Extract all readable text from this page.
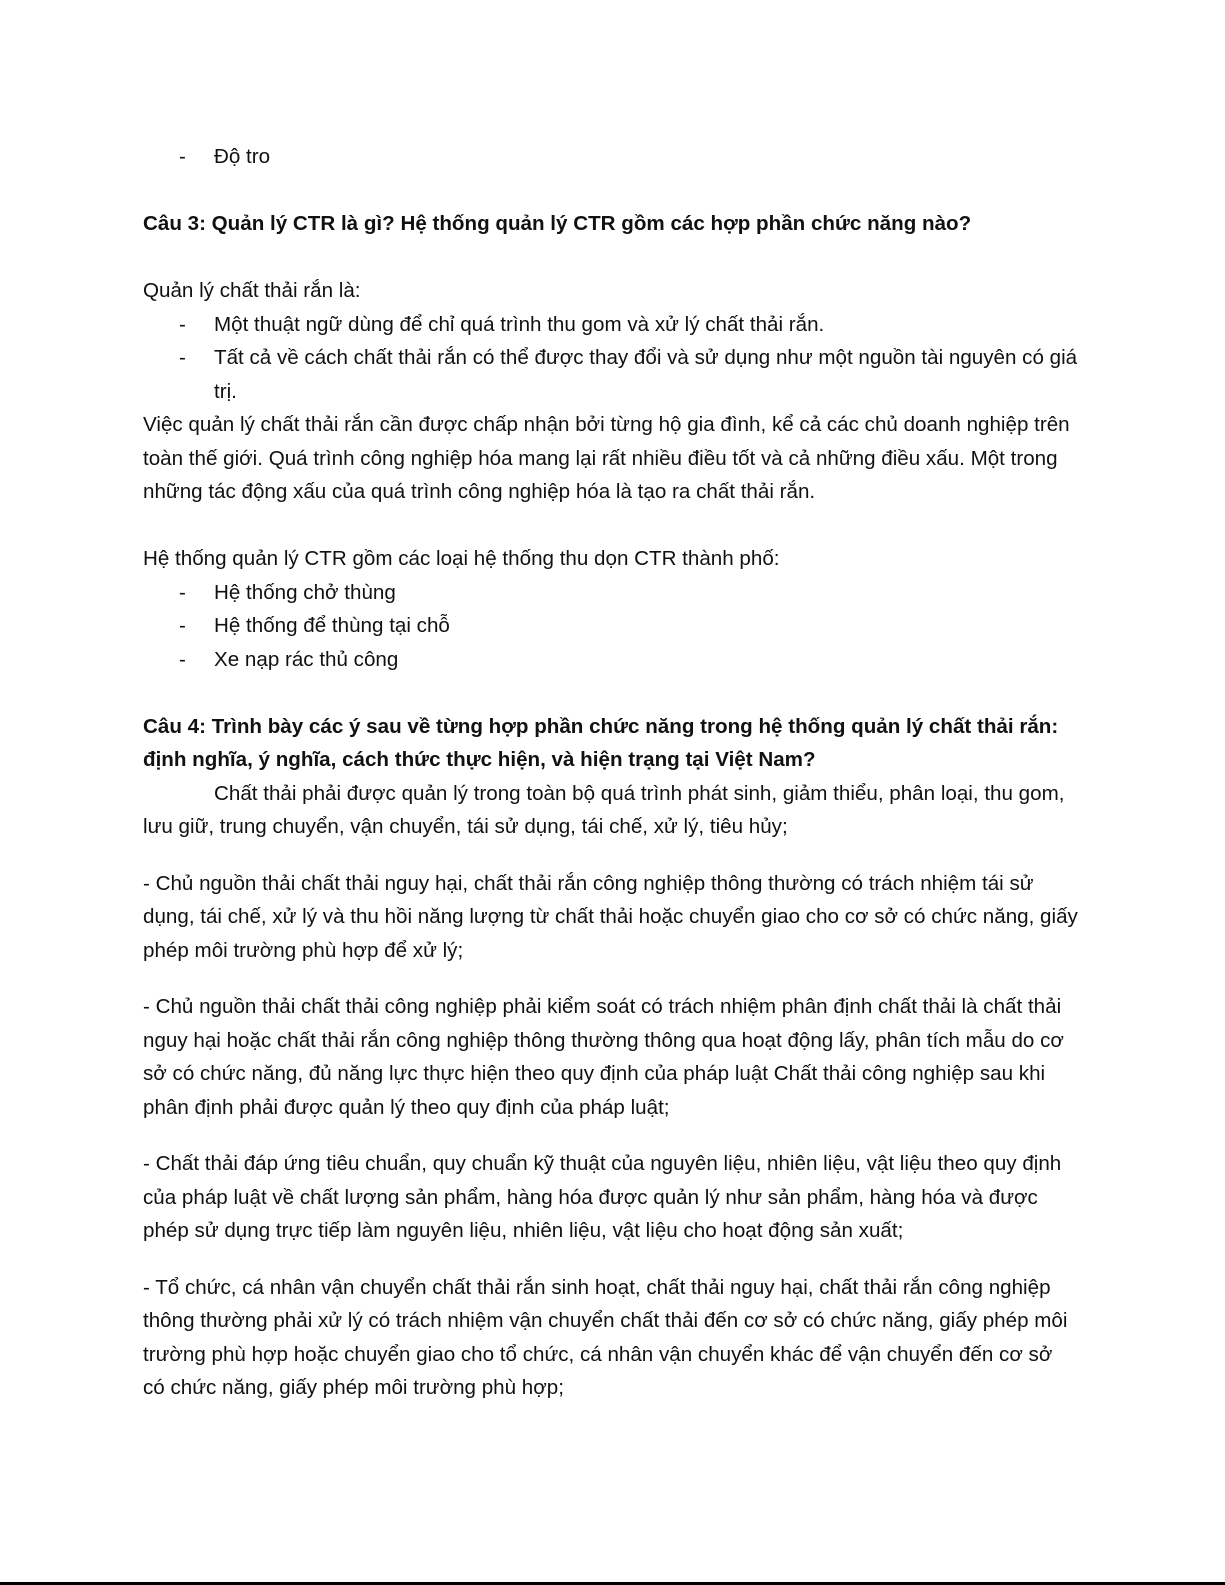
- Độ tro

Câu 3: Quản lý CTR là gì? Hệ thống quản lý CTR gồm các hợp phần chức năng nào?

Quản lý chất thải rắn là:

- Một thuật ngữ dùng để chỉ quá trình thu gom và xử lý chất thải rắn.
- Tất cả về cách chất thải rắn có thể được thay đổi và sử dụng như một nguồn tài nguyên có giá trị.

Việc quản lý chất thải rắn cần được chấp nhận bởi từng hộ gia đình, kể cả các chủ doanh nghiệp trên toàn thế giới. Quá trình công nghiệp hóa mang lại rất nhiều điều tốt và cả những điều xấu. Một trong những tác động xấu của quá trình công nghiệp hóa là tạo ra chất thải rắn.

Hệ thống quản lý CTR gồm các loại hệ thống thu dọn CTR thành phố:

- Hệ thống chở thùng
- Hệ thống để thùng tại chỗ
- Xe nạp rác thủ công

Câu 4: Trình bày các ý sau về từng hợp phần chức năng trong hệ thống quản lý chất thải rắn: định nghĩa, ý nghĩa, cách thức thực hiện, và hiện trạng tại Việt Nam?

Chất thải phải được quản lý trong toàn bộ quá trình phát sinh, giảm thiểu, phân loại, thu gom, lưu giữ, trung chuyển, vận chuyển, tái sử dụng, tái chế, xử lý, tiêu hủy;

- Chủ nguồn thải chất thải nguy hại, chất thải rắn công nghiệp thông thường có trách nhiệm tái sử dụng, tái chế, xử lý và thu hồi năng lượng từ chất thải hoặc chuyển giao cho cơ sở có chức năng, giấy phép môi trường phù hợp để xử lý;

- Chủ nguồn thải chất thải công nghiệp phải kiểm soát có trách nhiệm phân định chất thải là chất thải nguy hại hoặc chất thải rắn công nghiệp thông thường thông qua hoạt động lấy, phân tích mẫu do cơ sở có chức năng, đủ năng lực thực hiện theo quy định của pháp luật Chất thải công nghiệp sau khi phân định phải được quản lý theo quy định của pháp luật;

- Chất thải đáp ứng tiêu chuẩn, quy chuẩn kỹ thuật của nguyên liệu, nhiên liệu, vật liệu theo quy định của pháp luật về chất lượng sản phẩm, hàng hóa được quản lý như sản phẩm, hàng hóa và được phép sử dụng trực tiếp làm nguyên liệu, nhiên liệu, vật liệu cho hoạt động sản xuất;

- Tổ chức, cá nhân vận chuyển chất thải rắn sinh hoạt, chất thải nguy hại, chất thải rắn công nghiệp thông thường phải xử lý có trách nhiệm vận chuyển chất thải đến cơ sở có chức năng, giấy phép môi trường phù hợp hoặc chuyển giao cho tổ chức, cá nhân vận chuyển khác để vận chuyển đến cơ sở có chức năng, giấy phép môi trường phù hợp;
